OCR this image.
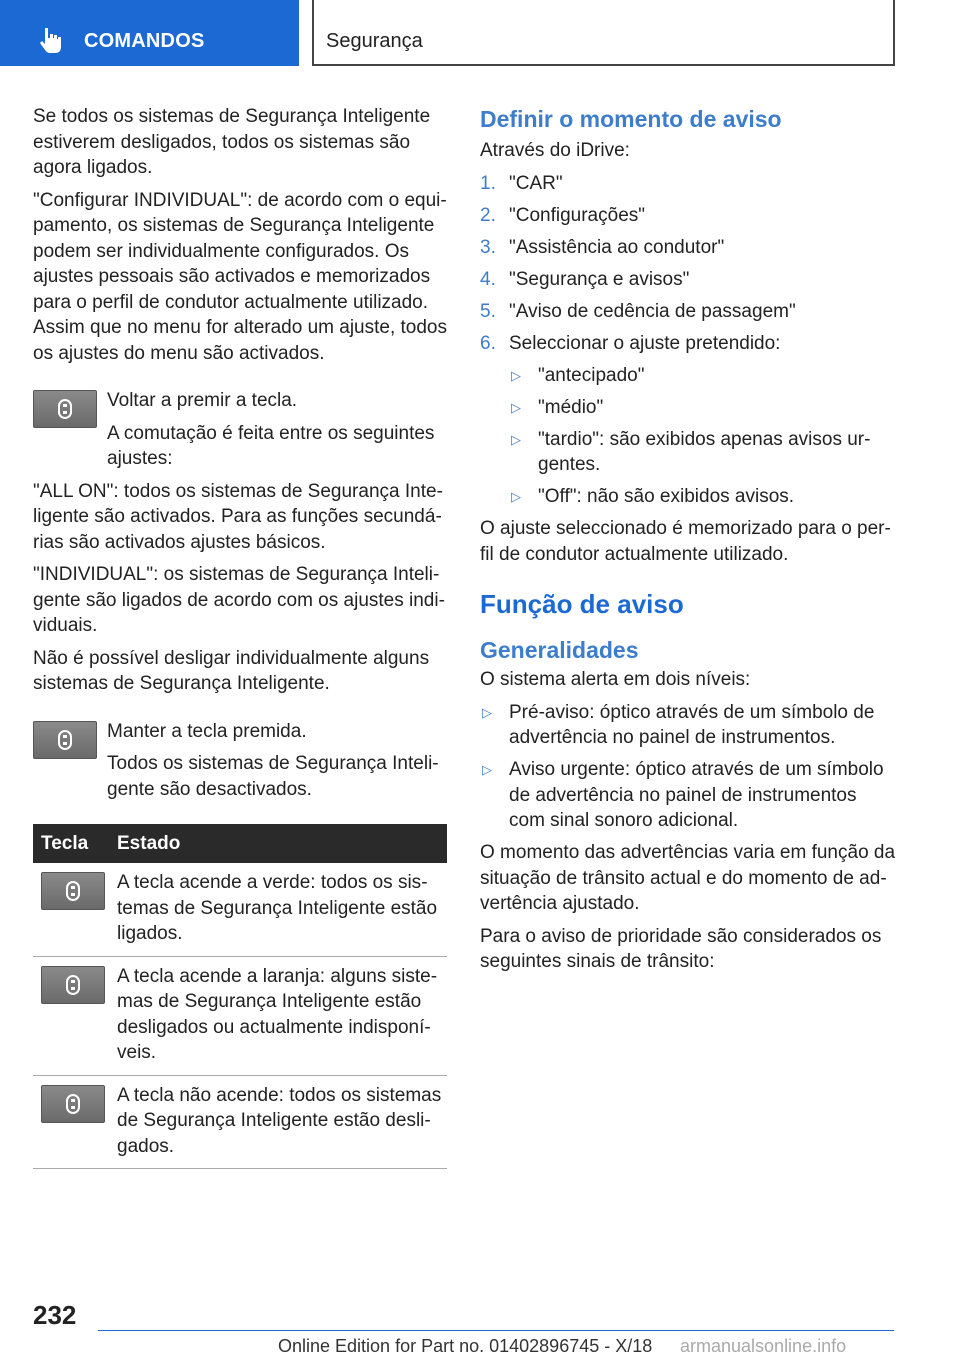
COMANDOS	Segurança

Se todos os sistemas de Segurança Inteligente estiverem desligados, todos os sistemas são agora ligados.

"Configurar INDIVIDUAL": de acordo com o equipamento, os sistemas de Segurança Inteligente podem ser individualmente configurados. Os ajustes pessoais são activados e memorizados para o perfil de condutor actualmente utilizado. Assim que no menu for alterado um ajuste, todos os ajustes do menu são activados.

Voltar a premir a tecla.

A comutação é feita entre os seguintes ajustes:

"ALL ON": todos os sistemas de Segurança Inteligente são activados. Para as funções secundárias são activados ajustes básicos.

"INDIVIDUAL": os sistemas de Segurança Inteligente são ligados de acordo com os ajustes individuais.

Não é possível desligar individualmente alguns sistemas de Segurança Inteligente.

Manter a tecla premida.

Todos os sistemas de Segurança Inteligente são desactivados.

Tecla	Estado

	A tecla acende a verde: todos os sistemas de Segurança Inteligente estão ligados.

	A tecla acende a laranja: alguns sistemas de Segurança Inteligente estão desligados ou actualmente indisponíveis.

	A tecla não acende: todos os sistemas de Segurança Inteligente estão desligados.
Definir o momento de aviso

Através do iDrive:

1. "CAR"
2. "Configurações"
3. "Assistência ao condutor"
4. "Segurança e avisos"
5. "Aviso de cedência de passagem"
6. Seleccionar o ajuste pretendido:
▷ "antecipado"
▷ "médio"
▷ "tardio": são exibidos apenas avisos urgentes.
▷ "Off": não são exibidos avisos.

O ajuste seleccionado é memorizado para o perfil de condutor actualmente utilizado.

Função de aviso
Generalidades

O sistema alerta em dois níveis:

▷ Pré-aviso: óptico através de um símbolo de advertência no painel de instrumentos.
▷ Aviso urgente: óptico através de um símbolo de advertência no painel de instrumentos com sinal sonoro adicional.

O momento das advertências varia em função da situação de trânsito actual e do momento de advertência ajustado.

Para o aviso de prioridade são considerados os seguintes sinais de trânsito:

232
Online Edition for Part no. 01402896745 - X/18 armanualsonline.info
